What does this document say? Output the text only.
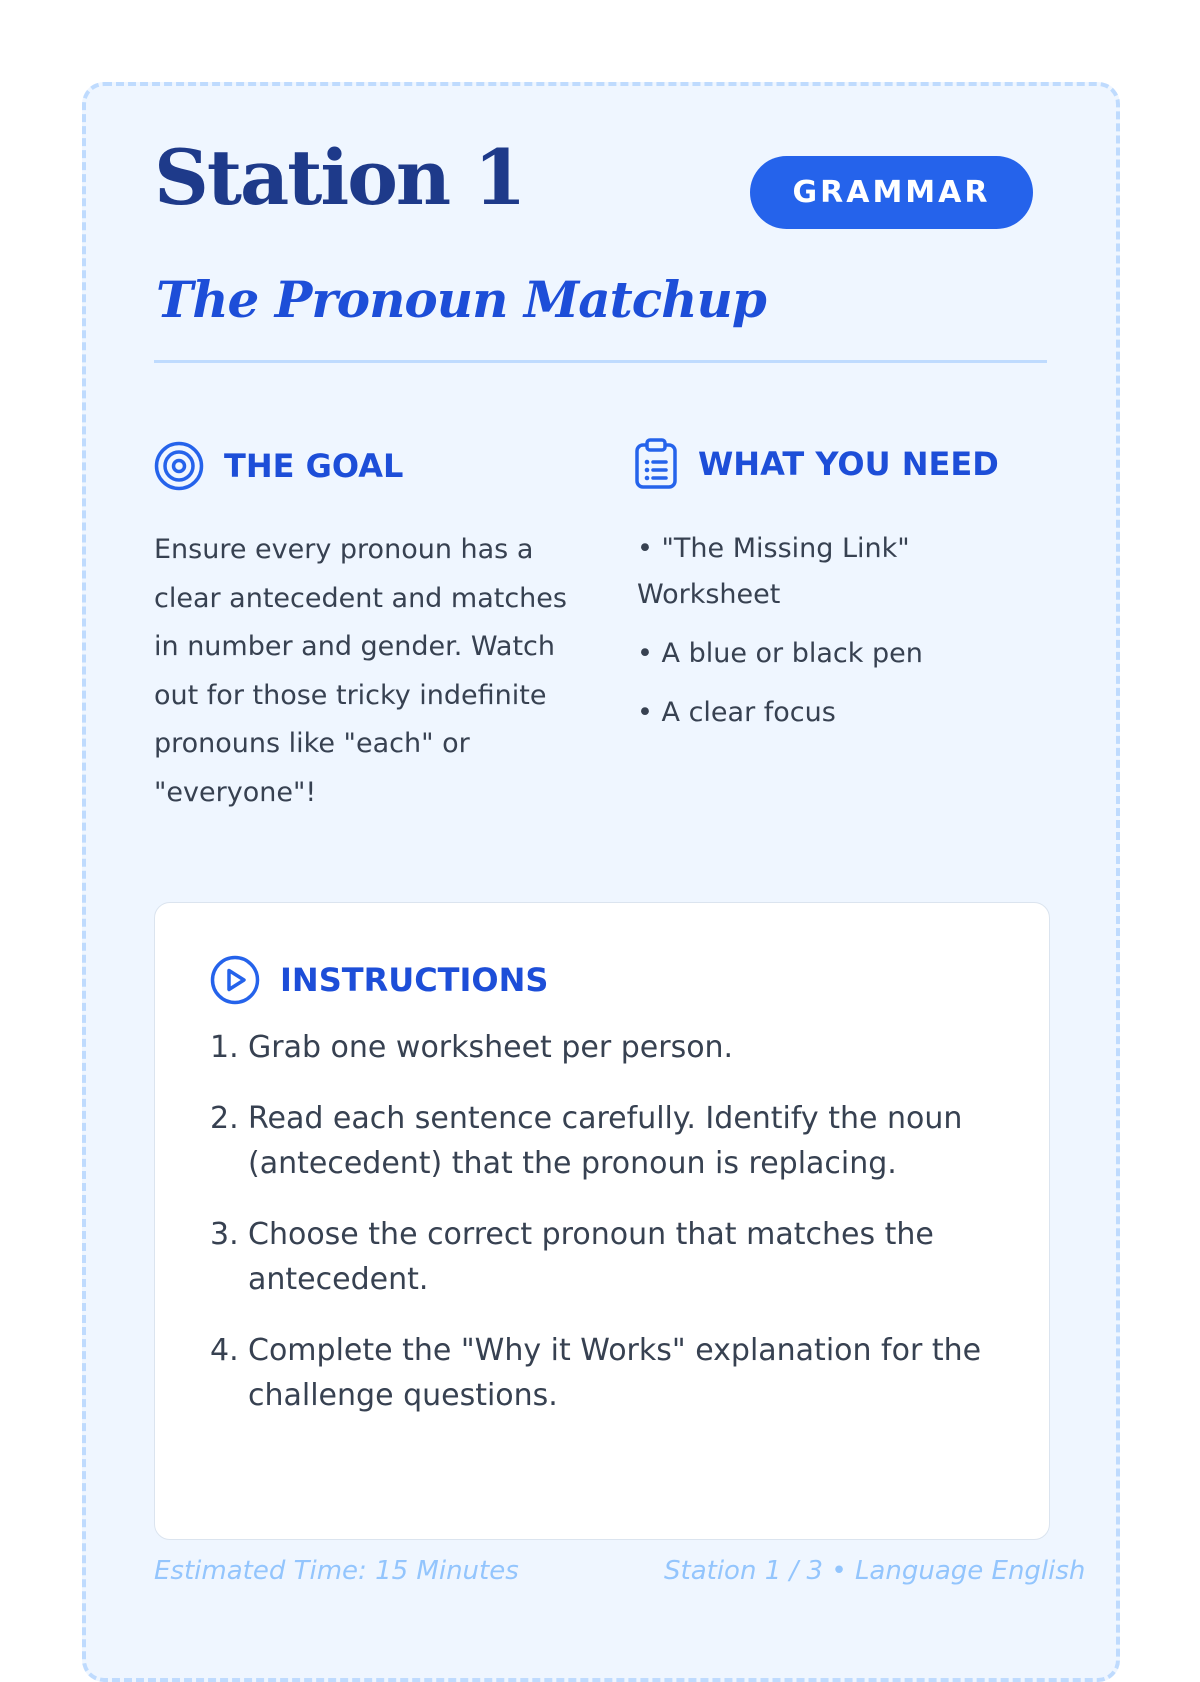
Station 1	GRAMMAR
The Pronoun Matchup
THE GOAL

Ensure every pronoun has a clear antecedent and matches in number and gender. Watch out for those tricky indefinite pronouns like "each" or "everyone"!

WHAT YOU NEED
• "The Missing Link" Worksheet
• A blue or black pen
• A clear focus
INSTRUCTIONS
1. Grab one worksheet per person.
2. Read each sentence carefully. Identify the noun (antecedent) that the pronoun is replacing.
3. Choose the correct pronoun that matches the antecedent.
4. Complete the "Why it Works" explanation for the challenge questions.
Estimated Time: 15 Minutes	Station 1 / 3 • Language English
